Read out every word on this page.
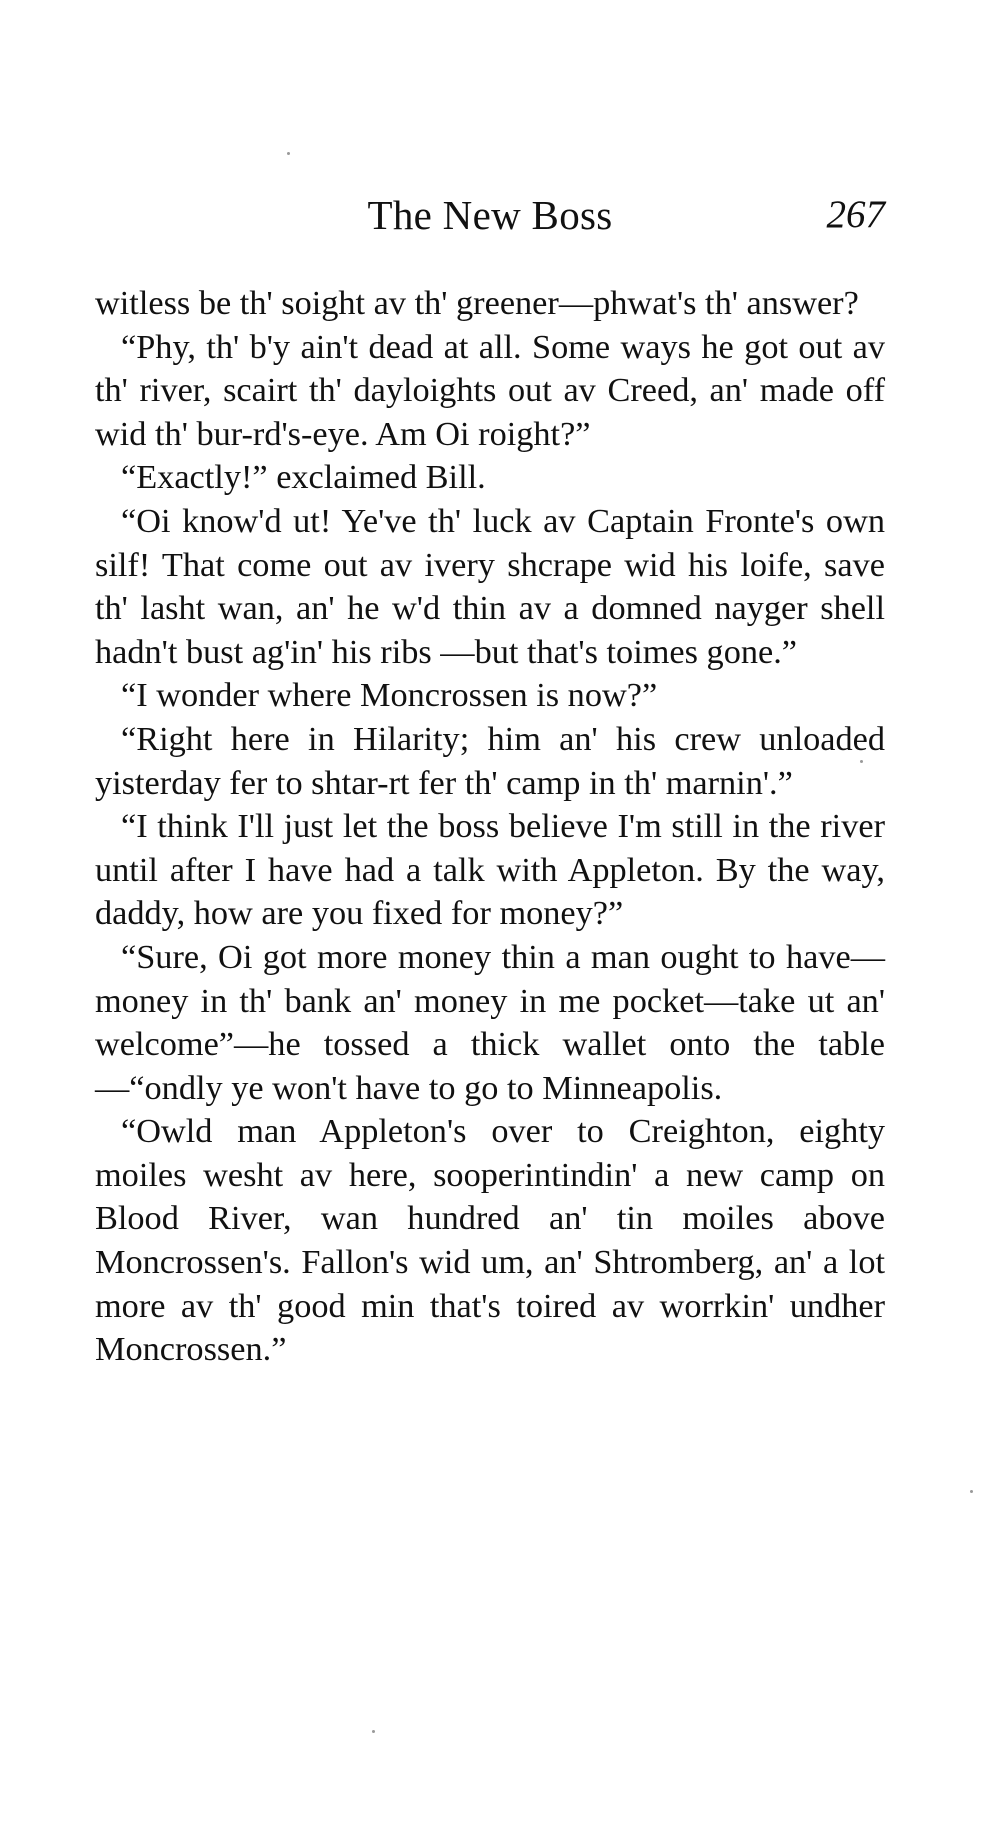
The New Boss	267

witless be th' soight av th' greener—phwat's th' answer?

“Phy, th' b'y ain't dead at all. Some ways he got out av th' river, scairt th' dayloights out av Creed, an' made off wid th' bur-rd's-eye. Am Oi roight?”

“Exactly!” exclaimed Bill.

“Oi know'd ut! Ye've th' luck av Captain Fronte's own silf! That come out av ivery shcrape wid his loife, save th' lasht wan, an' he w'd thin av a domned nayger shell hadn't bust ag'in' his ribs —but that's toimes gone.”

“I wonder where Moncrossen is now?”

“Right here in Hilarity; him an' his crew unloaded yisterday fer to shtar-rt fer th' camp in th' marnin'.”

“I think I'll just let the boss believe I'm still in the river until after I have had a talk with Appleton. By the way, daddy, how are you fixed for money?”

“Sure, Oi got more money thin a man ought to have—money in th' bank an' money in me pocket—take ut an' welcome”—he tossed a thick wallet onto the table—“ondly ye won't have to go to Minneapolis.

“Owld man Appleton's over to Creighton, eighty moiles wesht av here, sooperintindin' a new camp on Blood River, wan hundred an' tin moiles above Moncrossen's. Fallon's wid um, an' Shtromberg, an' a lot more av th' good min that's toired av worrkin' undher Moncrossen.”
